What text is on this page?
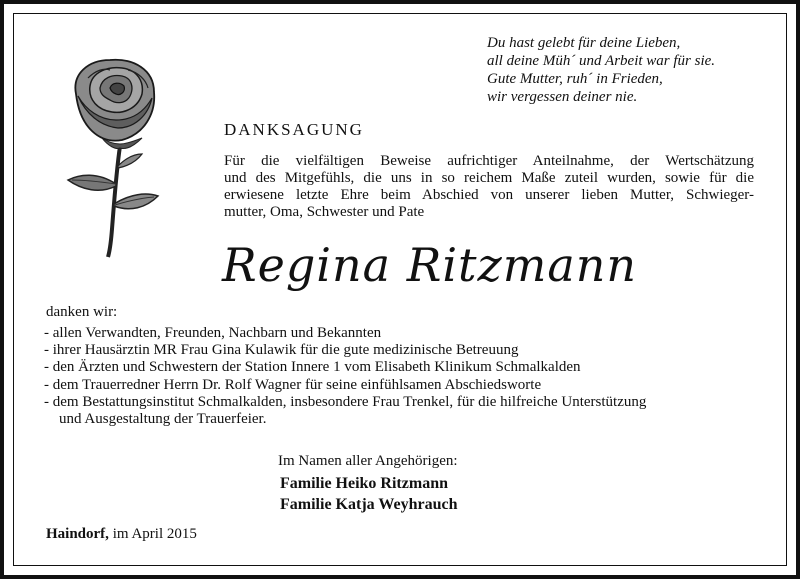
Du hast gelebt für deine Lieben,
all deine Müh´ und Arbeit war für sie.
Gute Mutter, ruh´ in Frieden,
wir vergessen deiner nie.
DANKSAGUNG
Für die vielfältigen Beweise aufrichtiger Anteilnahme, der Wertschätzung
und des Mitgefühls, die uns in so reichem Maße zuteil wurden, sowie für die
erwiesene letzte Ehre beim Abschied von unserer lieben Mutter, Schwieger-
mutter, Oma, Schwester und Pate
Regina Ritzmann
danken wir:
- allen Verwandten, Freunden, Nachbarn und Bekannten
- ihrer Hausärztin MR Frau Gina Kulawik für die gute medizinische Betreuung
- den Ärzten und Schwestern der Station Innere 1 vom Elisabeth Klinikum Schmalkalden
- dem Trauerredner Herrn Dr. Rolf Wagner für seine einfühlsamen Abschiedsworte
- dem Bestattungsinstitut Schmalkalden, insbesondere Frau Trenkel, für die hilfreiche Unterstützung
und Ausgestaltung der Trauerfeier.
Im Namen aller Angehörigen:
Familie Heiko Ritzmann
Familie Katja Weyhrauch
Haindorf, im April 2015
